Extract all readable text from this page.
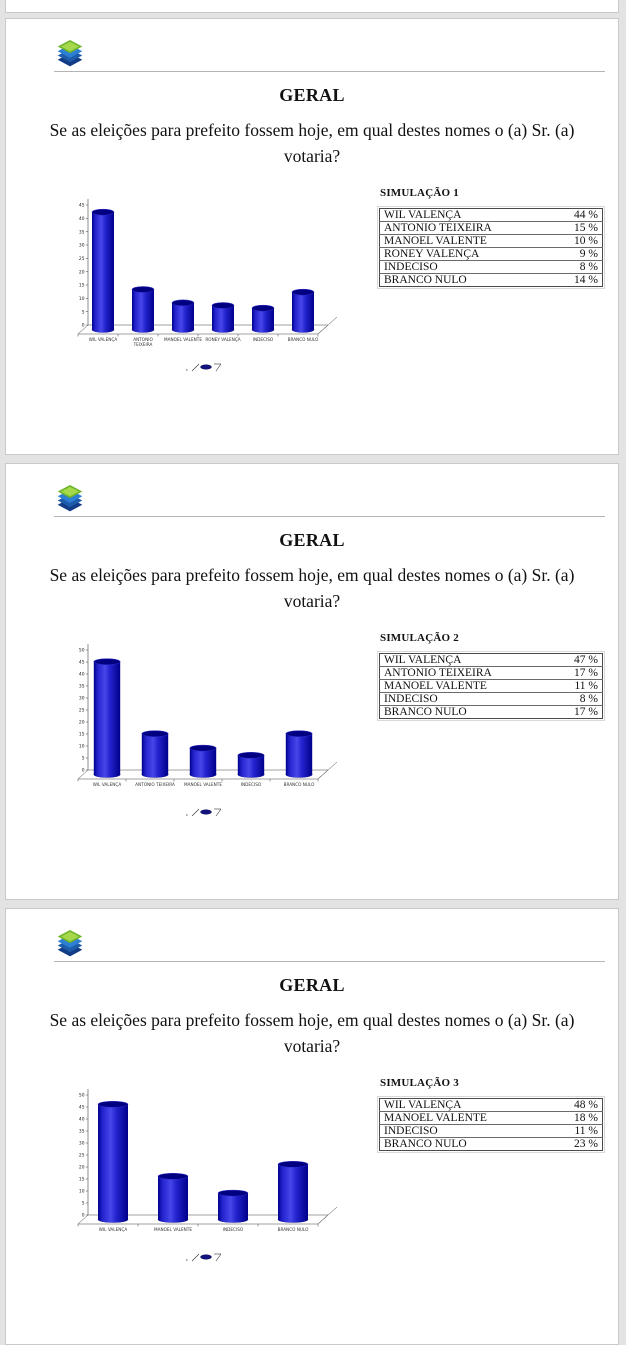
GERAL

Se as eleições para prefeito fossem hoje, em qual destes nomes o (a) Sr. (a) votaria?

0
5
10
15
20
25
30
35
40
45
WIL VALENÇA	ANTONIO
TEIXEIRA
MANOEL VALENTE RONEY VALENÇA	INDECISO	BRANCO NULO
SIMULAÇÃO 1
WIL VALENÇA	44 %
ANTONIO TEIXEIRA	15 %
MANOEL VALENTE	10 %
RONEY VALENÇA	9 %
INDECISO	8 %
BRANCO NULO	14 %
GERAL

Se as eleições para prefeito fossem hoje, em qual destes nomes o (a) Sr. (a) votaria?

0
5
10
15
20
25
30
35
40
45
50
WIL VALENÇA	ANTONIO TEIXEIRA MANOEL VALENTE	INDECISO	BRANCO NULO
SIMULAÇÃO 2
WIL VALENÇA	47 %
ANTONIO TEIXEIRA	17 %
MANOEL VALENTE	11 %
INDECISO	8 %
BRANCO NULO	17 %
GERAL

Se as eleições para prefeito fossem hoje, em qual destes nomes o (a) Sr. (a) votaria?

0
5
10
15
20
25
30
35
40
45
50
WIL VALENÇA	MANOEL VALENTE	INDECISO	BRANCO NULO
SIMULAÇÃO 3
WIL VALENÇA	48 %
MANOEL VALENTE	18 %
INDECISO	11 %
BRANCO NULO	23 %
